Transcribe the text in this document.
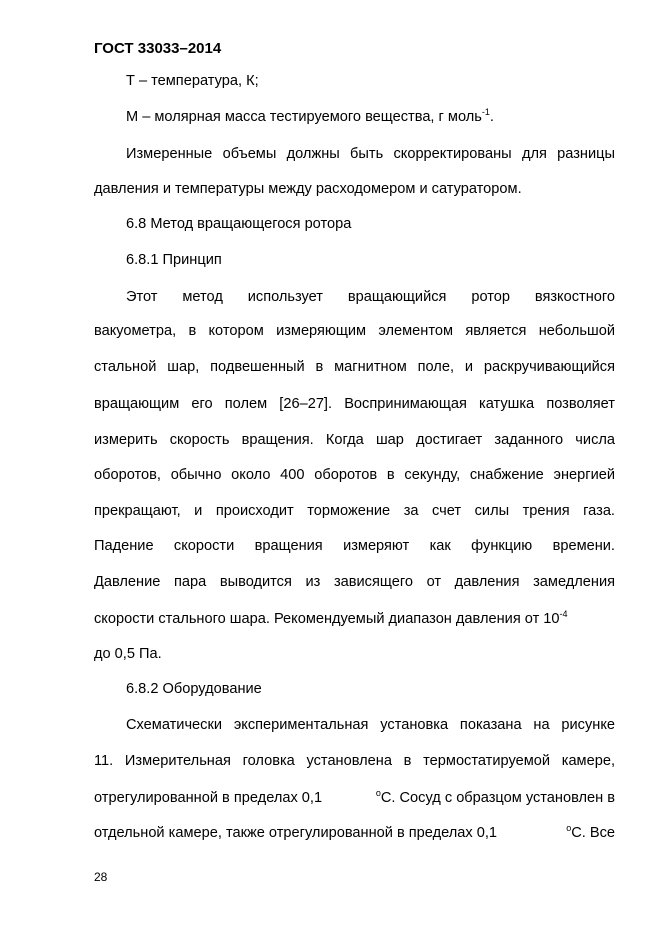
ГОСТ 33033–2014
Т – температура, К;
М – молярная масса тестируемого вещества, г моль$^{-1}$.
Измеренные объемы должны быть скорректированы для разницы
давления и температуры между расходомером и сатуратором.
6.8 Метод вращающегося ротора
6.8.1 Принцип
Этот метод использует вращающийся ротор вязкостного
вакуометра, в котором измеряющим элементом является небольшой
стальной шар, подвешенный в магнитном поле, и раскручивающийся
вращающим его полем [26–27]. Воспринимающая катушка позволяет
измерить скорость вращения. Когда шар достигает заданного числа
оборотов, обычно около 400 оборотов в секунду, снабжение энергией
прекращают, и происходит торможение за счет силы трения газа.
Падение скорости вращения измеряют как функцию времени.
Давление пара выводится из зависящего от давления замедления
скорости стального шара. Рекомендуемый диапазон давления от $10^{-4}$
до 0,5 Па.
6.8.2 Оборудование
Схематически экспериментальная установка показана на рисунке
11. Измерительная головка установлена в термостатируемой камере,
отрегулированной в пределах 0,1	$^о$С. Сосуд с образцом установлен в
отдельной камере, также отрегулированной в пределах 0,1	$^о$С. Все
28
